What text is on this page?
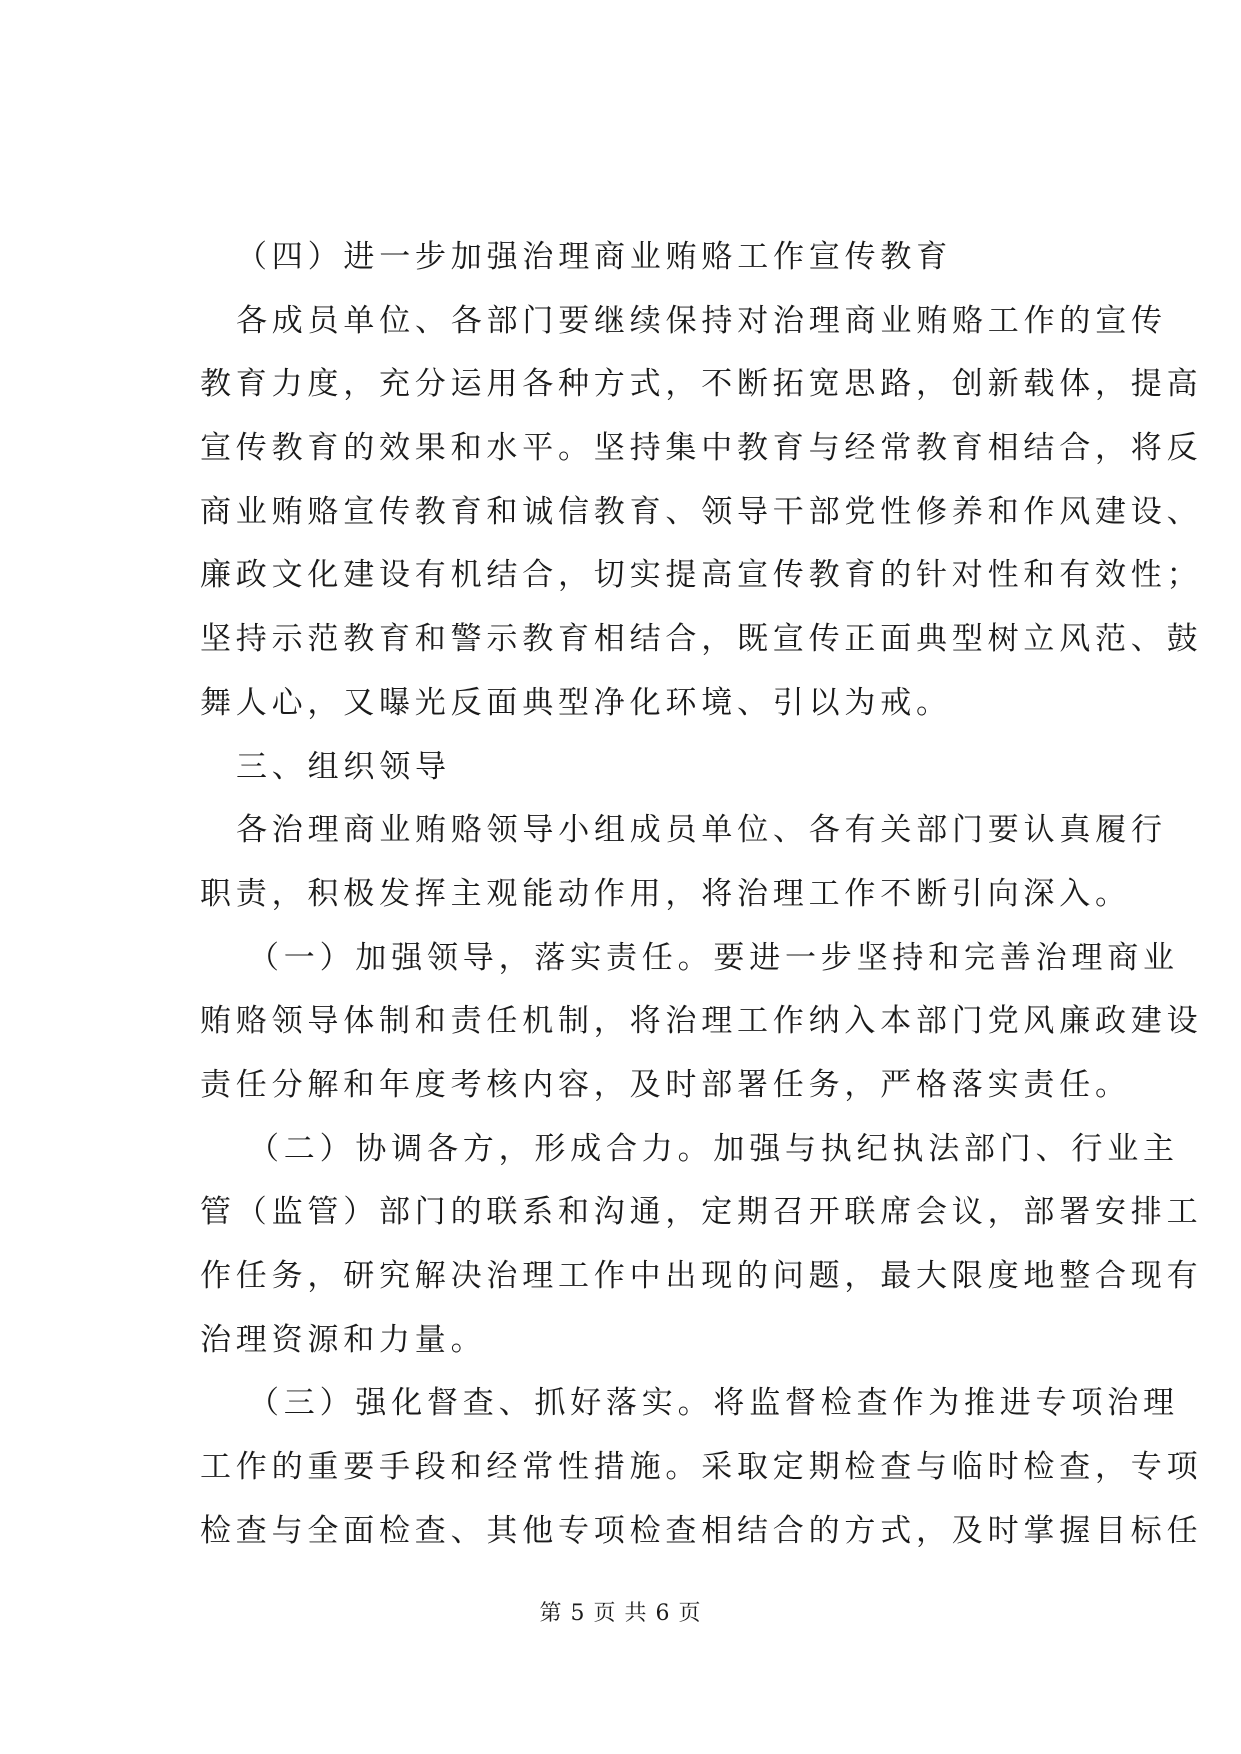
（四）进一步加强治理商业贿赂工作宣传教育
各成员单位、各部门要继续保持对治理商业贿赂工作的宣传
教育力度，充分运用各种方式，不断拓宽思路，创新载体，提高
宣传教育的效果和水平。坚持集中教育与经常教育相结合，将反
商业贿赂宣传教育和诚信教育、领导干部党性修养和作风建设、
廉政文化建设有机结合，切实提高宣传教育的针对性和有效性；
坚持示范教育和警示教育相结合，既宣传正面典型树立风范、鼓
舞人心，又曝光反面典型净化环境、引以为戒。
三、组织领导
各治理商业贿赂领导小组成员单位、各有关部门要认真履行
职责，积极发挥主观能动作用，将治理工作不断引向深入。
（一）加强领导，落实责任。要进一步坚持和完善治理商业
贿赂领导体制和责任机制，将治理工作纳入本部门党风廉政建设
责任分解和年度考核内容，及时部署任务，严格落实责任。
（二）协调各方，形成合力。加强与执纪执法部门、行业主
管（监管）部门的联系和沟通，定期召开联席会议，部署安排工
作任务，研究解决治理工作中出现的问题，最大限度地整合现有
治理资源和力量。
（三）强化督查、抓好落实。将监督检查作为推进专项治理
工作的重要手段和经常性措施。采取定期检查与临时检查，专项
检查与全面检查、其他专项检查相结合的方式，及时掌握目标任
第 5 页 共 6 页
